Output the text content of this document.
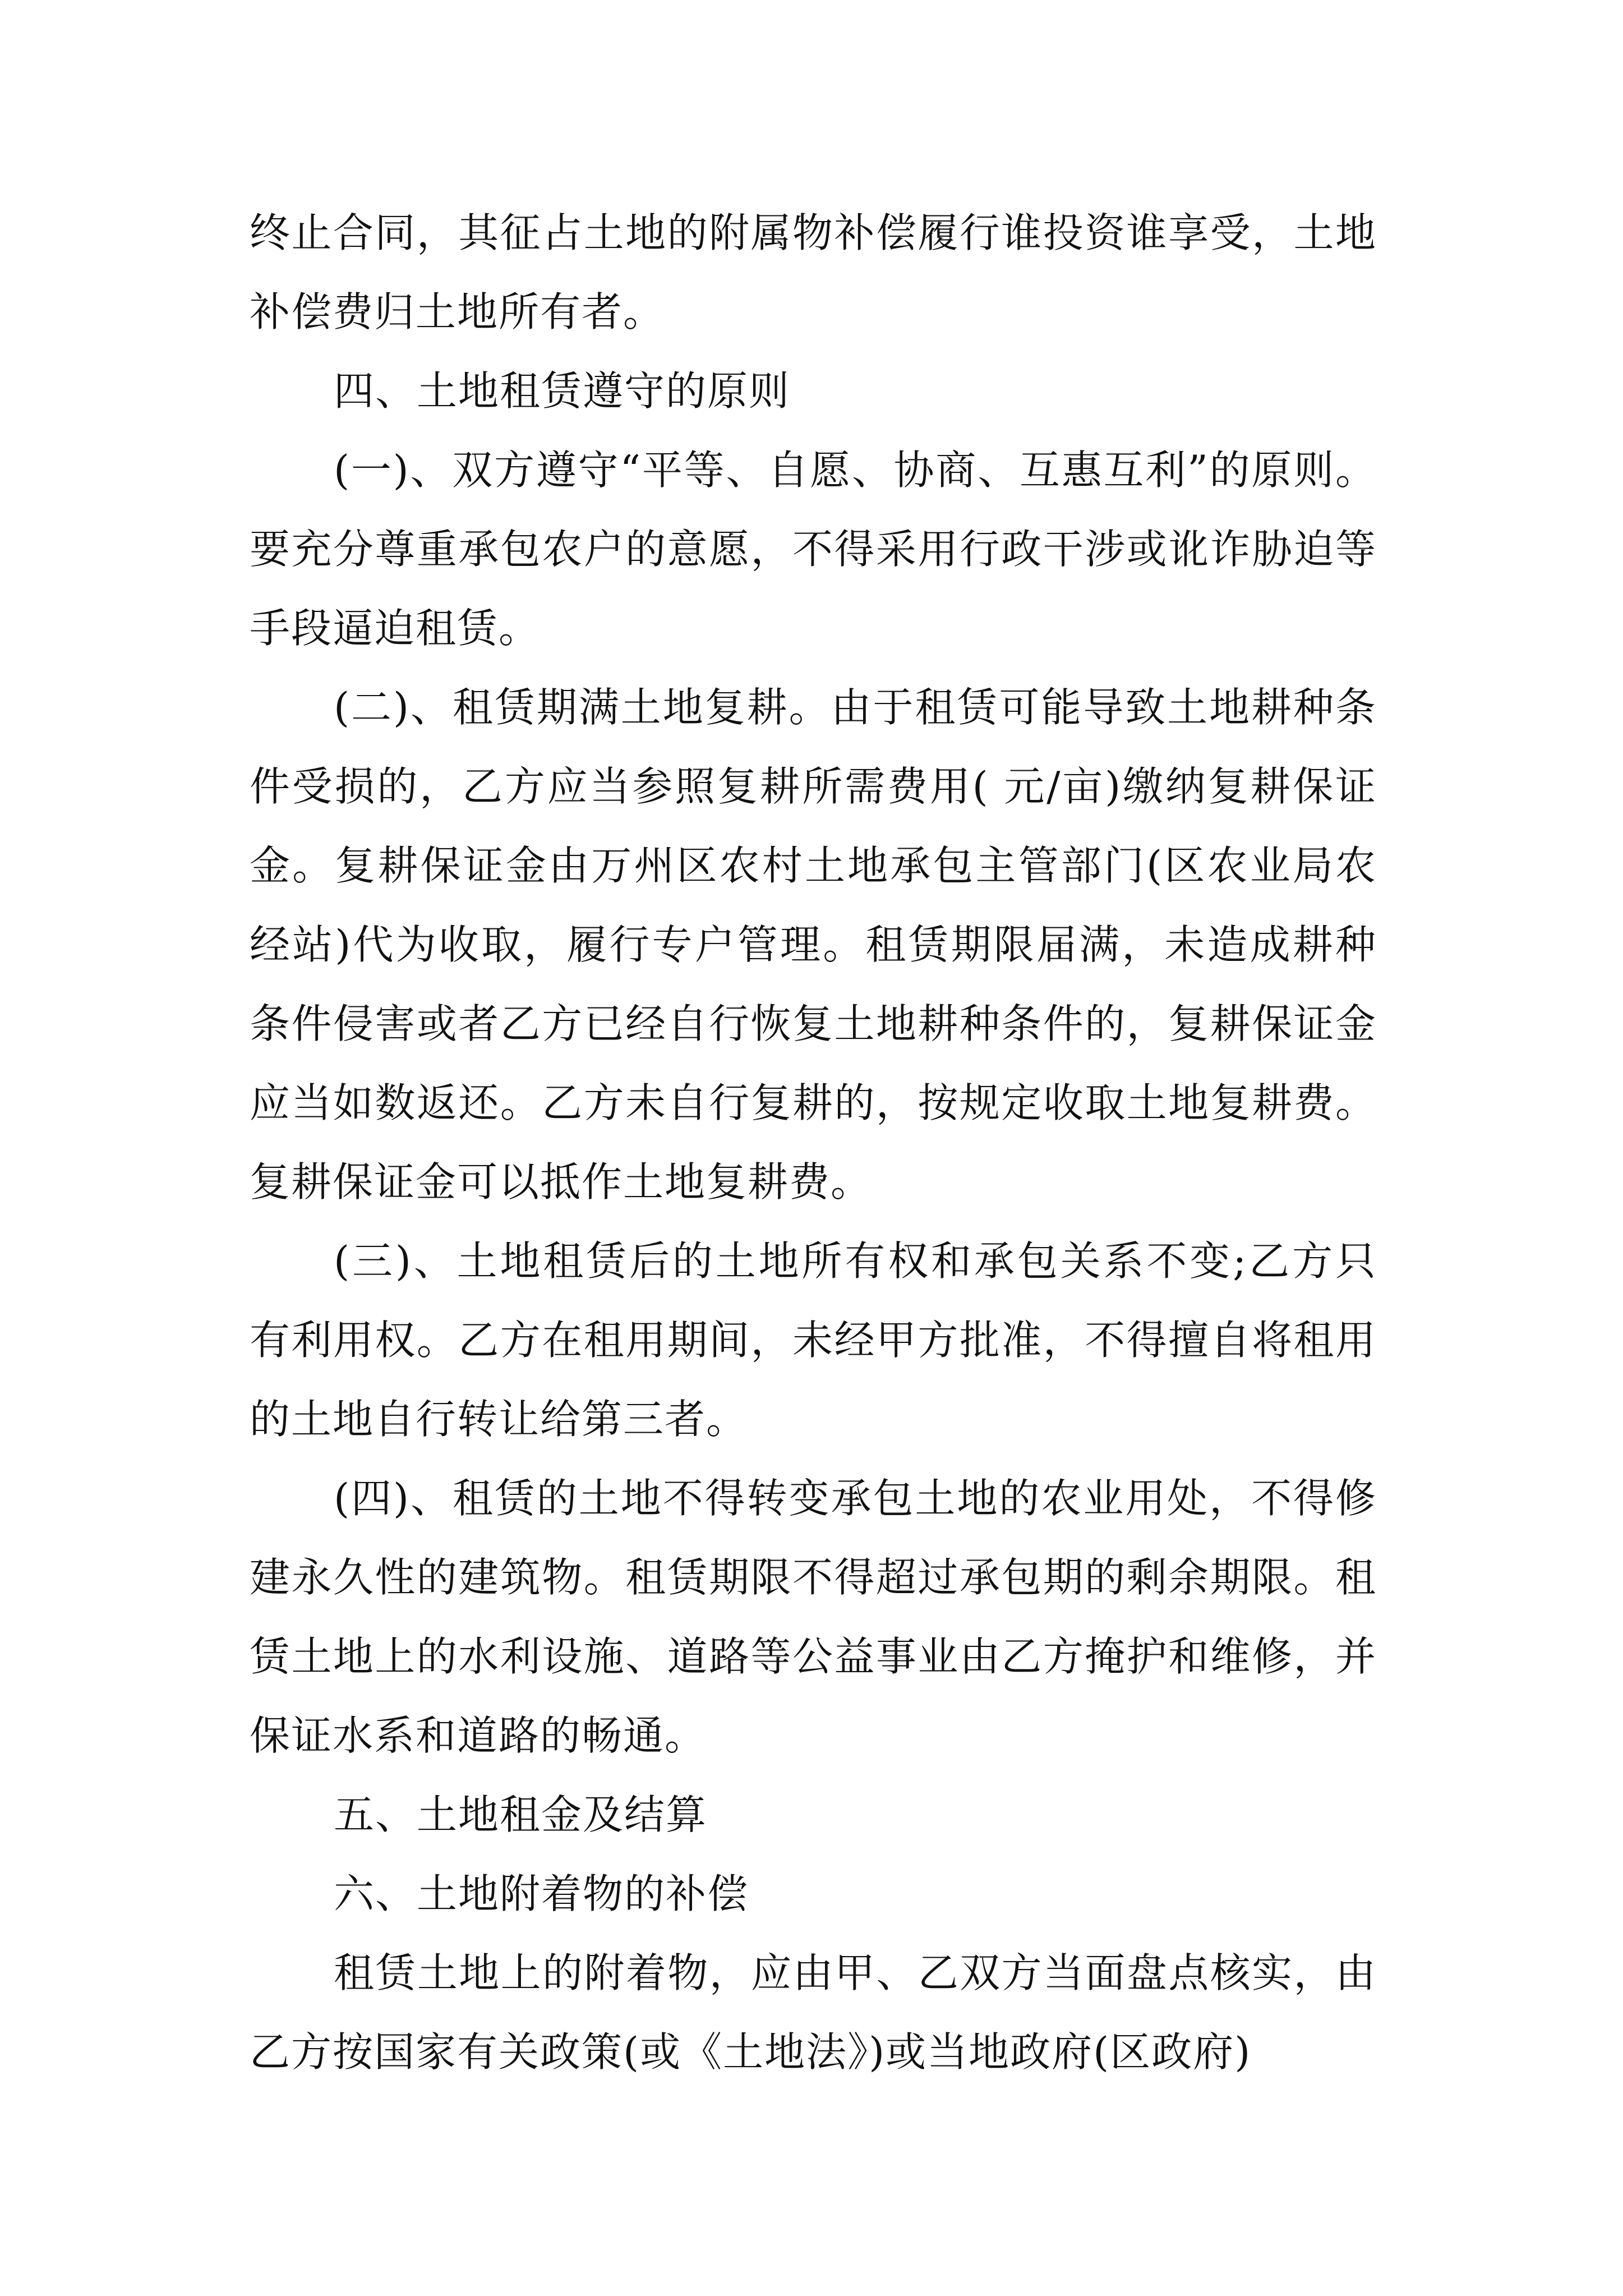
终止合同，其征占土地的附属物补偿履行谁投资谁享受，土地补偿费归土地所有者。

四、土地租赁遵守的原则

(一)、双方遵守“平等、自愿、协商、互惠互利”的原则。要充分尊重承包农户的意愿，不得采用行政干涉或讹诈胁迫等手段逼迫租赁。

(二)、租赁期满土地复耕。由于租赁可能导致土地耕种条件受损的，乙方应当参照复耕所需费用( 元/亩)缴纳复耕保证金。复耕保证金由万州区农村土地承包主管部门(区农业局农经站)代为收取，履行专户管理。租赁期限届满，未造成耕种条件侵害或者乙方已经自行恢复土地耕种条件的，复耕保证金应当如数返还。乙方未自行复耕的，按规定收取土地复耕费。复耕保证金可以抵作土地复耕费。

(三)、土地租赁后的土地所有权和承包关系不变;乙方只有利用权。乙方在租用期间，未经甲方批准，不得擅自将租用的土地自行转让给第三者。

(四)、租赁的土地不得转变承包土地的农业用处，不得修建永久性的建筑物。租赁期限不得超过承包期的剩余期限。租赁土地上的水利设施、道路等公益事业由乙方掩护和维修，并保证水系和道路的畅通。

五、土地租金及结算

六、土地附着物的补偿

租赁土地上的附着物，应由甲、乙双方当面盘点核实，由乙方按国家有关政策(或《土地法》)或当地政府(区政府)
